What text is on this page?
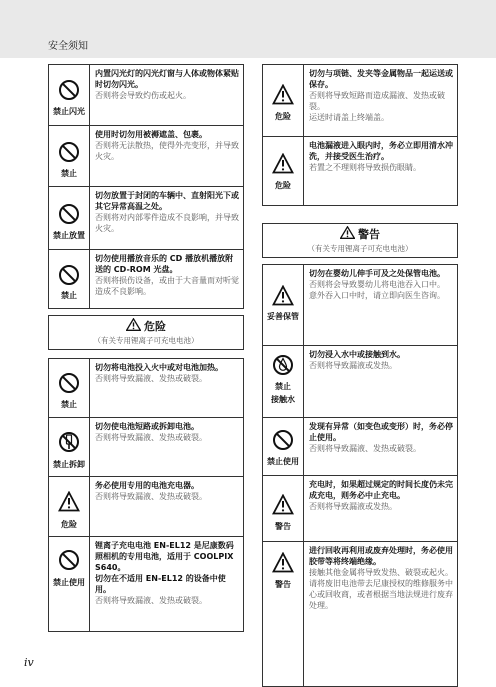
安全须知
禁止闪光
内置闪光灯的闪光灯窗与人体或物体紧贴时切勿闪光。
否则将会导致灼伤或起火。
禁止
使用时切勿用被褥遮盖、包裹。
否则将无法散热，使得外壳变形，并导致火灾。
禁止放置
切勿放置于封闭的车辆中、直射阳光下或其它异常高温之处。
否则将对内部零件造成不良影响，并导致火灾。
禁止
切勿使用播放音乐的 CD 播放机播放附送的 CD-ROM 光盘。
否则将损伤设备，或由于大音量而对听觉造成不良影响。
危险
（有关专用锂离子可充电电池）
禁止
切勿将电池投入火中或对电池加热。
否则将导致漏液、发热或破裂。
禁止拆卸
切勿使电池短路或拆卸电池。
否则将导致漏液、发热或破裂。
危险
务必使用专用的电池充电器。
否则将导致漏液、发热或破裂。
禁止使用
锂离子充电电池 EN-EL12 是尼康数码照相机的专用电池，适用于 COOLPIX S640。
切勿在不适用 EN-EL12 的设备中使用。
否则将导致漏液、发热或破裂。
危险
切勿与项链、发夹等金属物品一起运送或保存。
否则将导致短路而造成漏液、发热或破裂。
运送时请盖上终端盖。
危险
电池漏液进入眼内时，务必立即用清水冲洗，并接受医生治疗。
若置之不理则将导致损伤眼睛。
警告
（有关专用锂离子可充电电池）
妥善保管
切勿在婴幼儿伸手可及之处保管电池。
否则将会导致婴幼儿将电池吞入口中。
意外吞入口中时，请立即向医生咨询。
禁止
接触水
切勿浸入水中或接触到水。
否则将导致漏液或发热。
禁止使用
发现有异常（如变色或变形）时，务必停止使用。
否则将导致漏液、发热或破裂。
警告
充电时，如果超过规定的时间长度仍未完成充电，则务必中止充电。
否则将导致漏液或发热。
警告
进行回收再利用或废弃处理时，务必使用胶带等将终端绝缘。
接触其他金属将导致发热、破裂或起火。
请将废旧电池带去尼康授权的维修服务中心或回收商，或者根据当地法规进行废弃处理。
iv
